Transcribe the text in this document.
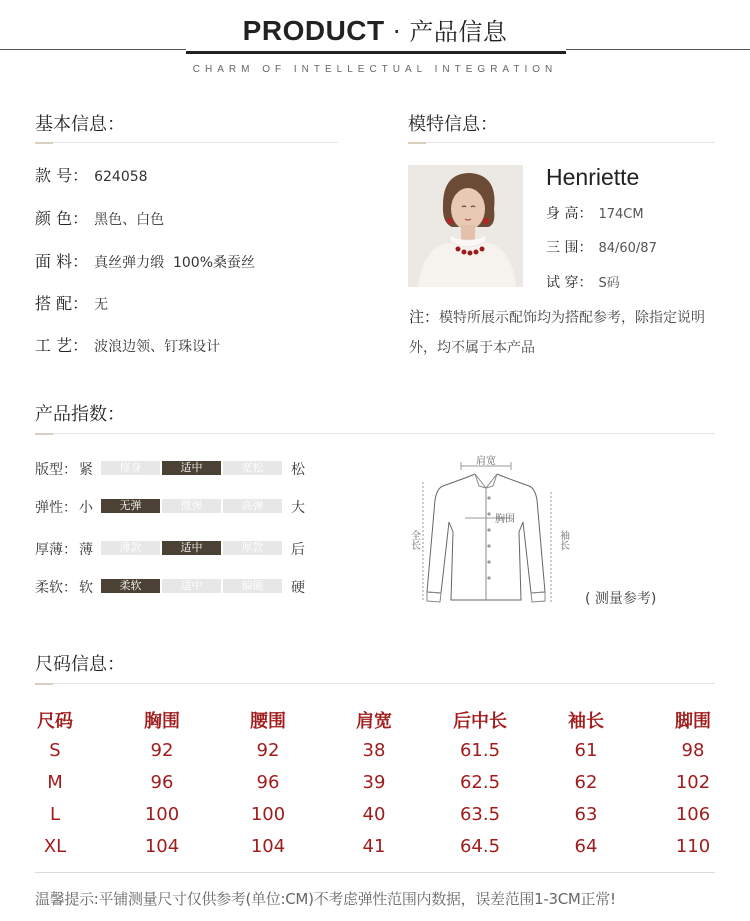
PRODUCT · 产品信息
CHARM OF INTELLECTUAL INTEGRATION
基本信息：
款 号： 624058
颜 色： 黑色、白色
面 料： 真丝弹力缎  100%桑蚕丝
搭 配： 无
工 艺： 波浪边领、钉珠设计
模特信息：
Henriette
身 高： 174CM
三 围： 84/60/87
试 穿： S码
注：模特所展示配饰均为搭配参考，除指定说明外，均不属于本产品
产品指数：
版型： 紧	修身	适中	宽松	松
弹性： 小	无弹	微弹	高弹	大
厚薄： 薄	薄款	适中	厚款	后
柔软： 软	柔软	适中	偏硬	硬
肩宽
胸围
全长	袖长
( 测量参考)
尺码信息：
尺码	胸围	腰围	肩宽	后中长	袖长	脚围
S	92	92	38	61.5	61	98
M	96	96	39	62.5	62	102
L	100	100	40	63.5	63	106
XL	104	104	41	64.5	64	110
温馨提示:平铺测量尺寸仅供参考(单位:CM)不考虑弹性范围内数据，误差范围1-3CM正常!
